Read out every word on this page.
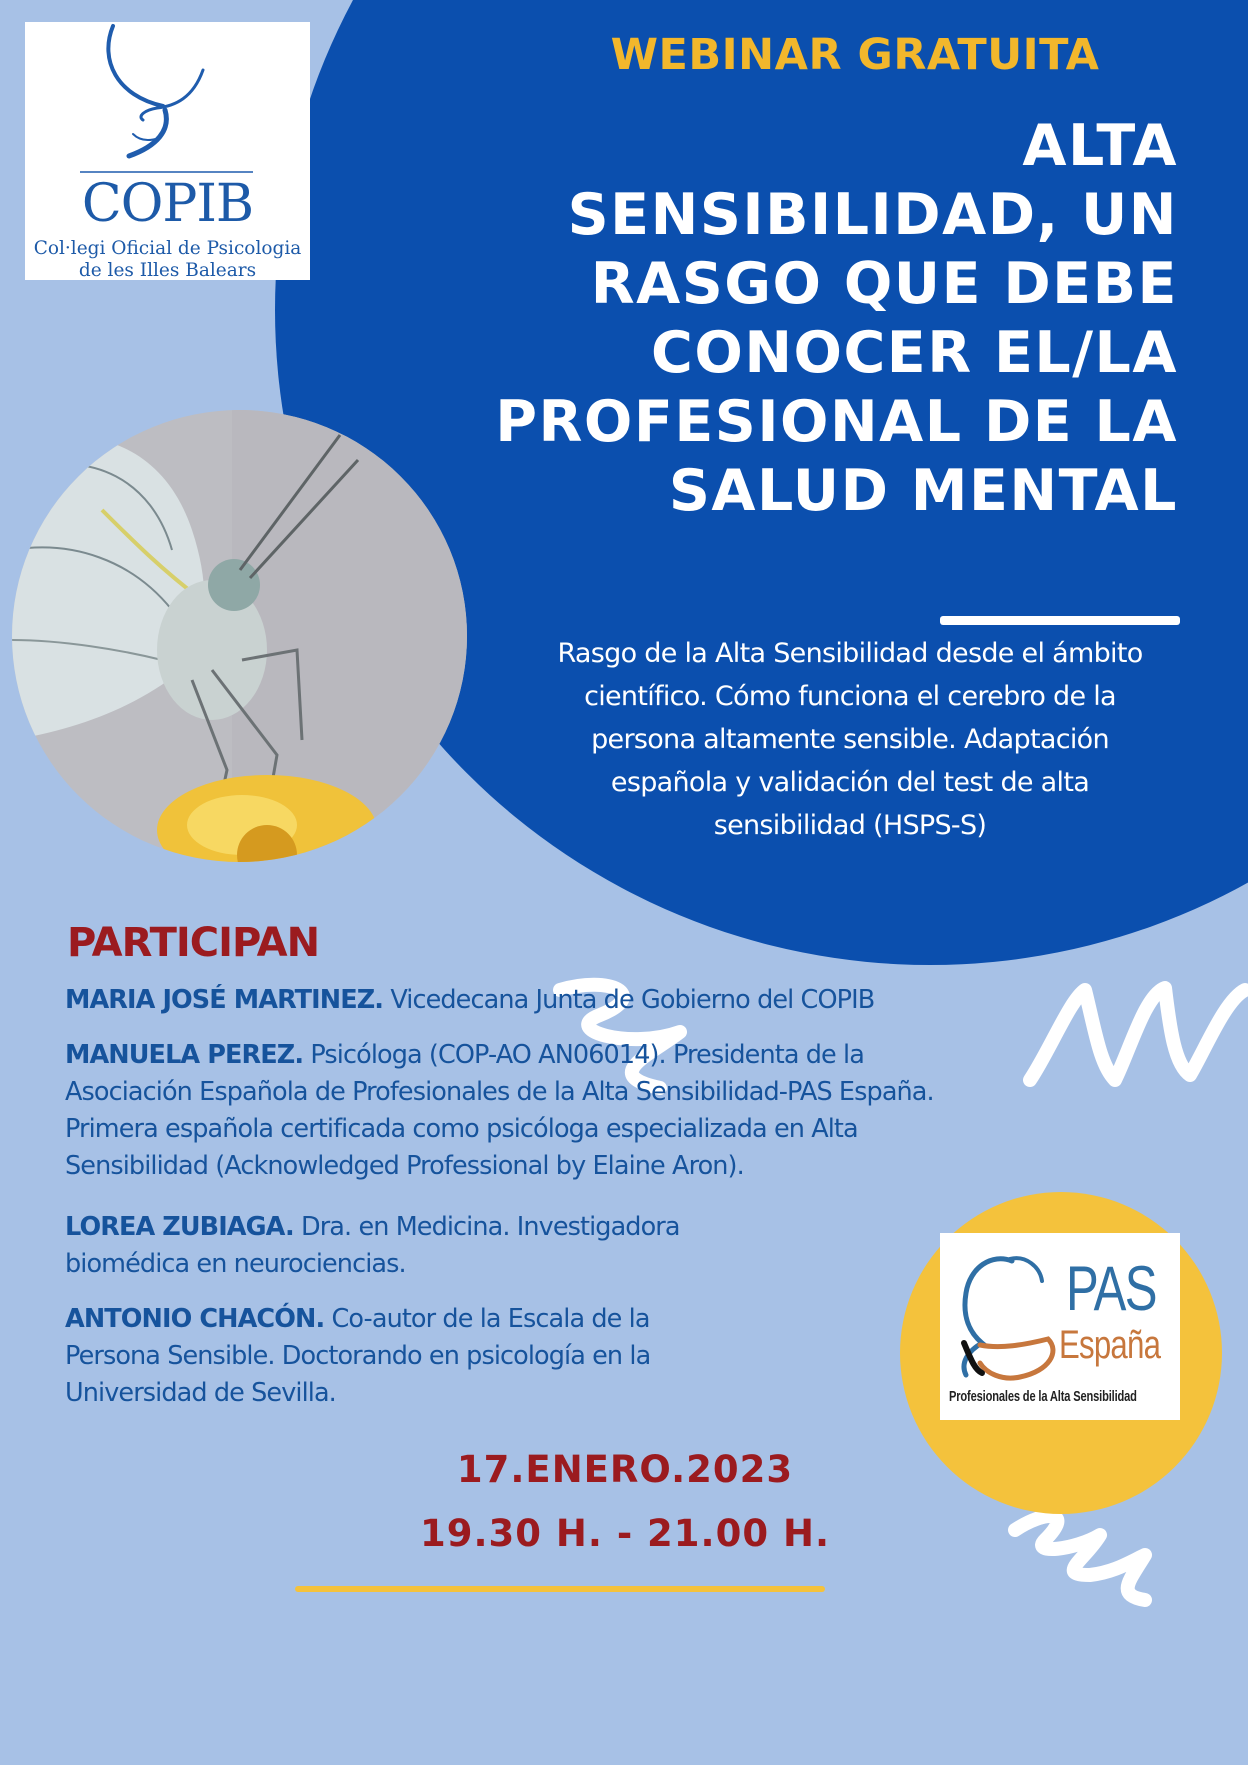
COPIB
Col·legi Oficial de Psicologia
de les Illes Balears
WEBINAR GRATUITA
ALTA
SENSIBILIDAD, UN
RASGO QUE DEBE
CONOCER EL/LA
PROFESIONAL DE LA
SALUD MENTAL
Rasgo de la Alta Sensibilidad desde el ámbito
científico. Cómo funciona el cerebro de la
persona altamente sensible. Adaptación
española y validación del test de alta
sensibilidad (HSPS-S)
PARTICIPAN
MARIA JOSÉ MARTINEZ. Vicedecana Junta de Gobierno del COPIB
MANUELA PEREZ. Psicóloga (COP-AO AN06014). Presidenta de la
Asociación Española de Profesionales de la Alta Sensibilidad-PAS España.
Primera española certificada como psicóloga especializada en Alta
Sensibilidad (Acknowledged Professional by Elaine Aron).
LOREA ZUBIAGA. Dra. en Medicina. Investigadora
biomédica en neurociencias.
ANTONIO CHACÓN. Co-autor de la Escala de la
Persona Sensible. Doctorando en psicología en la
Universidad de Sevilla.
PAS
España
Profesionales de la Alta Sensibilidad
17.ENERO.2023
19.30 H. - 21.00 H.
